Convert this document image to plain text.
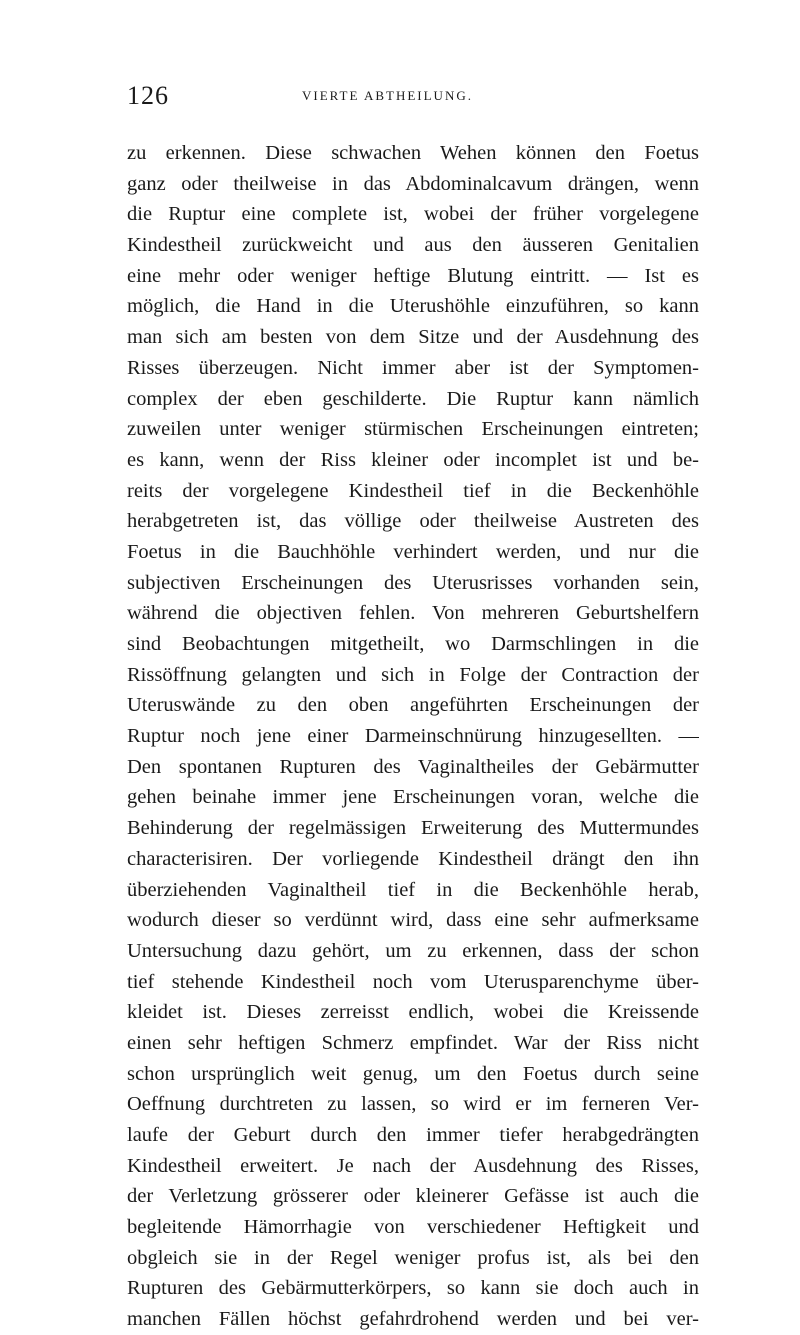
126	VIERTE ABTHEILUNG.
zu erkennen. Diese schwachen Wehen können den Foetus
ganz oder theilweise in das Abdominalcavum drängen, wenn
die Ruptur eine complete ist, wobei der früher vorgelegene
Kindestheil zurückweicht und aus den äusseren Genitalien
eine mehr oder weniger heftige Blutung eintritt. — Ist es
möglich, die Hand in die Uterushöhle einzuführen, so kann
man sich am besten von dem Sitze und der Ausdehnung des
Risses überzeugen. Nicht immer aber ist der Symptomen-
complex der eben geschilderte. Die Ruptur kann nämlich
zuweilen unter weniger stürmischen Erscheinungen eintreten;
es kann, wenn der Riss kleiner oder incomplet ist und be-
reits der vorgelegene Kindestheil tief in die Beckenhöhle
herabgetreten ist, das völlige oder theilweise Austreten des
Foetus in die Bauchhöhle verhindert werden, und nur die
subjectiven Erscheinungen des Uterusrisses vorhanden sein,
während die objectiven fehlen. Von mehreren Geburtshelfern
sind Beobachtungen mitgetheilt, wo Darmschlingen in die
Rissöffnung gelangten und sich in Folge der Contraction der
Uteruswände zu den oben angeführten Erscheinungen der
Ruptur noch jene einer Darmeinschnürung hinzugesellten. —
Den spontanen Rupturen des Vaginaltheiles der Gebärmutter
gehen beinahe immer jene Erscheinungen voran, welche die
Behinderung der regelmässigen Erweiterung des Muttermundes
characterisiren. Der vorliegende Kindestheil drängt den ihn
überziehenden Vaginaltheil tief in die Beckenhöhle herab,
wodurch dieser so verdünnt wird, dass eine sehr aufmerksame
Untersuchung dazu gehört, um zu erkennen, dass der schon
tief stehende Kindestheil noch vom Uterusparenchyme über-
kleidet ist. Dieses zerreisst endlich, wobei die Kreissende
einen sehr heftigen Schmerz empfindet. War der Riss nicht
schon ursprünglich weit genug, um den Foetus durch seine
Oeffnung durchtreten zu lassen, so wird er im ferneren Ver-
laufe der Geburt durch den immer tiefer herabgedrängten
Kindestheil erweitert. Je nach der Ausdehnung des Risses,
der Verletzung grösserer oder kleinerer Gefässe ist auch die
begleitende Hämorrhagie von verschiedener Heftigkeit und
obgleich sie in der Regel weniger profus ist, als bei den
Rupturen des Gebärmutterkörpers, so kann sie doch auch in
manchen Fällen höchst gefahrdrohend werden und bei ver-
